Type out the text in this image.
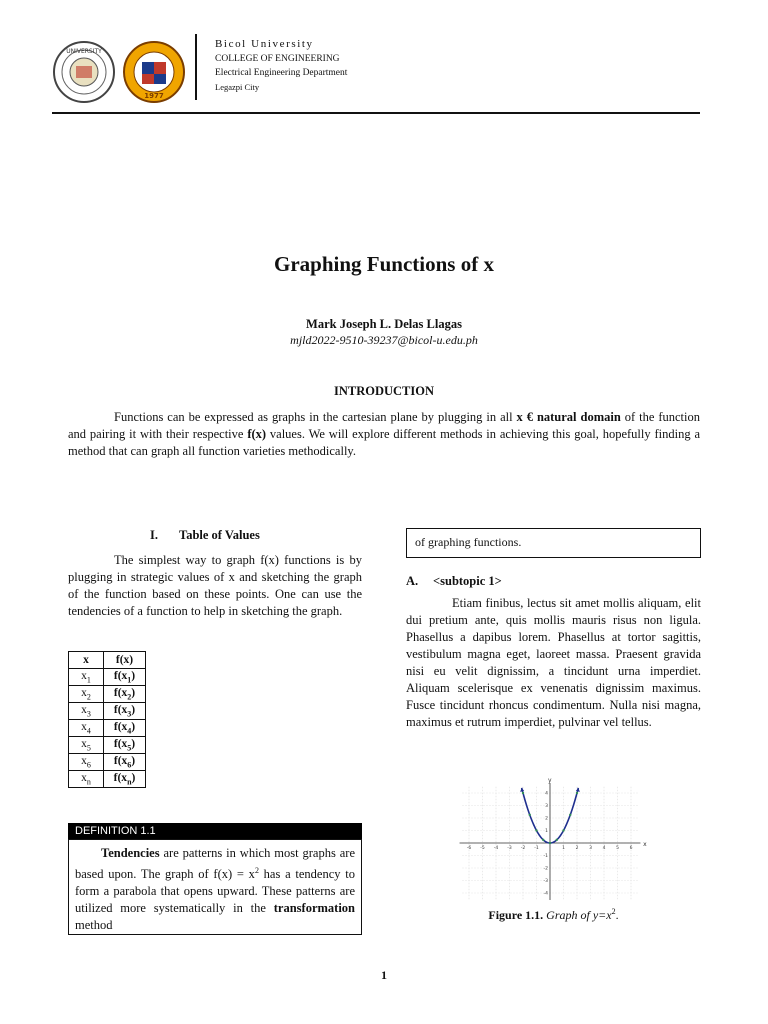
UNIVERSITY
1977
Bicol University
COLLEGE OF ENGINEERING
Electrical Engineering Department
Legazpi City
Graphing Functions of x
Mark Joseph L. Delas Llagas
mjld2022-9510-39237@bicol-u.edu.ph
INTRODUCTION
Functions can be expressed as graphs in the cartesian plane by plugging in all x € natural domain of the function and pairing it with their respective f(x) values. We will explore different methods in achieving this goal, hopefully finding a method that can graph all function varieties methodically.
I. Table of Values
The simplest way to graph f(x) functions is by plugging in strategic values of x and sketching the graph of the function based on these points. One can use the tendencies of a function to help in sketching the graph.
x	f(x)
$x_1$	$f(x_1)$
$x_2$	$f(x_2)$
$x_3$	$f(x_3)$
$x_4$	$f(x_4)$
$x_5$	$f(x_5)$
$x_6$	$f(x_6)$
$x_n$	$f(x_n)$
DEFINITION 1.1
Tendencies are patterns in which most graphs are based upon. The graph of $f(x) = x^2$ has a tendency to form a parabola that opens upward. These patterns are utilized more systematically in the transformation method
of graphing functions.
A. <subtopic 1>
Etiam finibus, lectus sit amet mollis aliquam, elit dui pretium ante, quis mollis mauris risus non ligula. Phasellus a dapibus lorem. Phasellus at tortor sagittis, vestibulum magna eget, laoreet massa. Praesent gravida nisi eu velit dignissim, a tincidunt urna imperdiet. Aliquam scelerisque ex venenatis dignissim maximus. Fusce tincidunt rhoncus condimentum. Nulla nisi magna, maximus et rutrum imperdiet, pulvinar vel tellus.
x
y
-6 -5 -4 -3 -2 -1	1 2 3 4 5 6
4
3
2
1
-1
-2
-3
-4
Figure 1.1. Graph of $y=x^2$.
1
